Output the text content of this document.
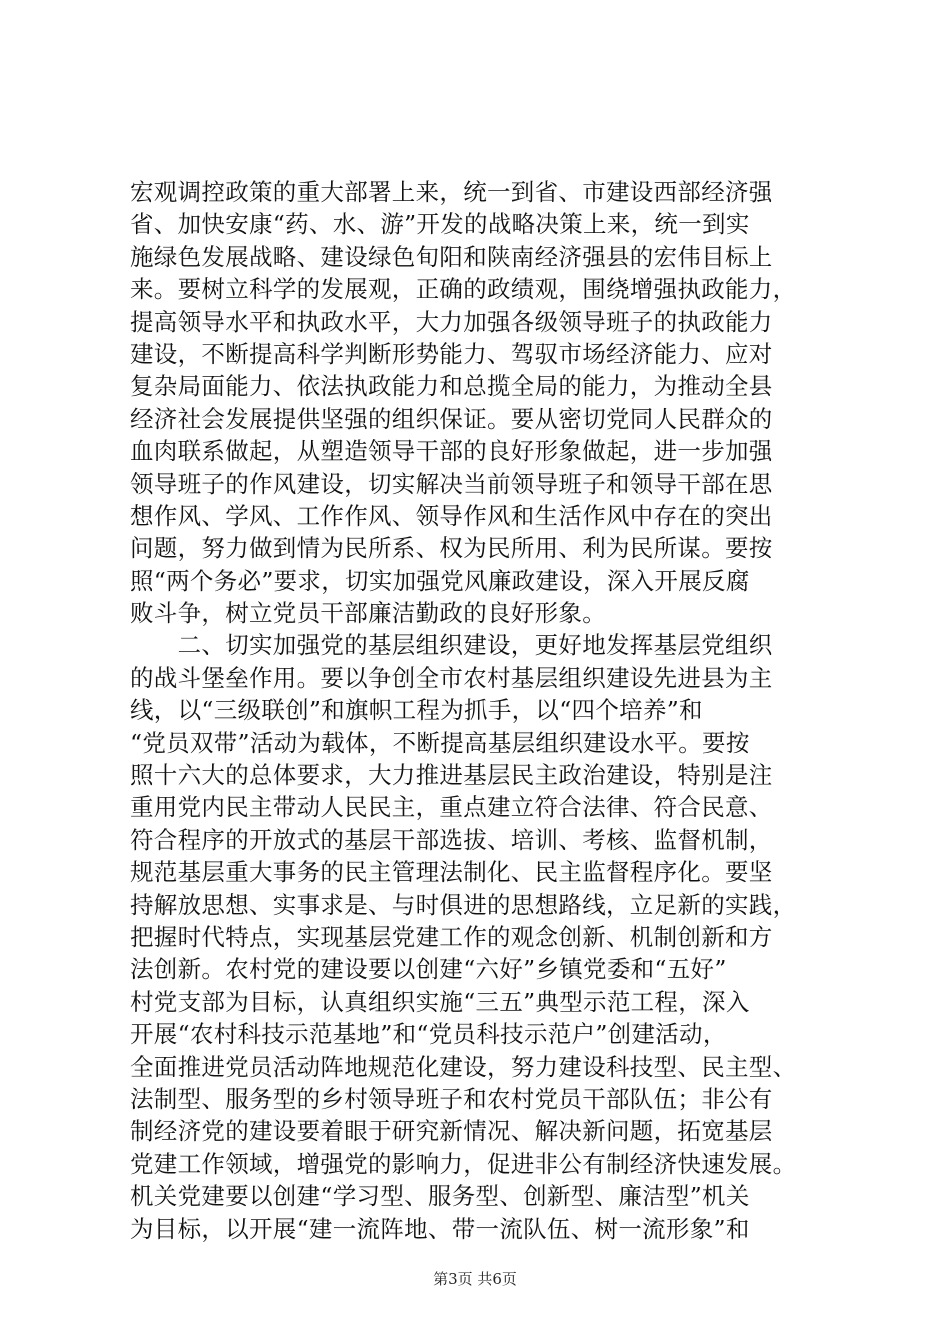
宏观调控政策的重大部署上来，统一到省、市建设西部经济强
省、加快安康“药、水、游”开发的战略决策上来，统一到实
施绿色发展战略、建设绿色旬阳和陕南经济强县的宏伟目标上
来。要树立科学的发展观，正确的政绩观，围绕增强执政能力，
提高领导水平和执政水平，大力加强各级领导班子的执政能力
建设，不断提高科学判断形势能力、驾驭市场经济能力、应对
复杂局面能力、依法执政能力和总揽全局的能力，为推动全县
经济社会发展提供坚强的组织保证。要从密切党同人民群众的
血肉联系做起，从塑造领导干部的良好形象做起，进一步加强
领导班子的作风建设，切实解决当前领导班子和领导干部在思
想作风、学风、工作作风、领导作风和生活作风中存在的突出
问题，努力做到情为民所系、权为民所用、利为民所谋。要按
照“两个务必”要求，切实加强党风廉政建设，深入开展反腐
败斗争，树立党员干部廉洁勤政的良好形象。
　　二、切实加强党的基层组织建设，更好地发挥基层党组织
的战斗堡垒作用。要以争创全市农村基层组织建设先进县为主
线，以“三级联创”和旗帜工程为抓手，以“四个培养”和
“党员双带”活动为载体，不断提高基层组织建设水平。要按
照十六大的总体要求，大力推进基层民主政治建设，特别是注
重用党内民主带动人民民主，重点建立符合法律、符合民意、
符合程序的开放式的基层干部选拔、培训、考核、监督机制，
规范基层重大事务的民主管理法制化、民主监督程序化。要坚
持解放思想、实事求是、与时俱进的思想路线，立足新的实践，
把握时代特点，实现基层党建工作的观念创新、机制创新和方
法创新。农村党的建设要以创建“六好”乡镇党委和“五好”
村党支部为目标，认真组织实施“三五”典型示范工程，深入
开展“农村科技示范基地”和“党员科技示范户”创建活动，
全面推进党员活动阵地规范化建设，努力建设科技型、民主型、
法制型、服务型的乡村领导班子和农村党员干部队伍；非公有
制经济党的建设要着眼于研究新情况、解决新问题，拓宽基层
党建工作领域，增强党的影响力，促进非公有制经济快速发展。
机关党建要以创建“学习型、服务型、创新型、廉洁型”机关
为目标，以开展“建一流阵地、带一流队伍、树一流形象”和
第3页 共6页
